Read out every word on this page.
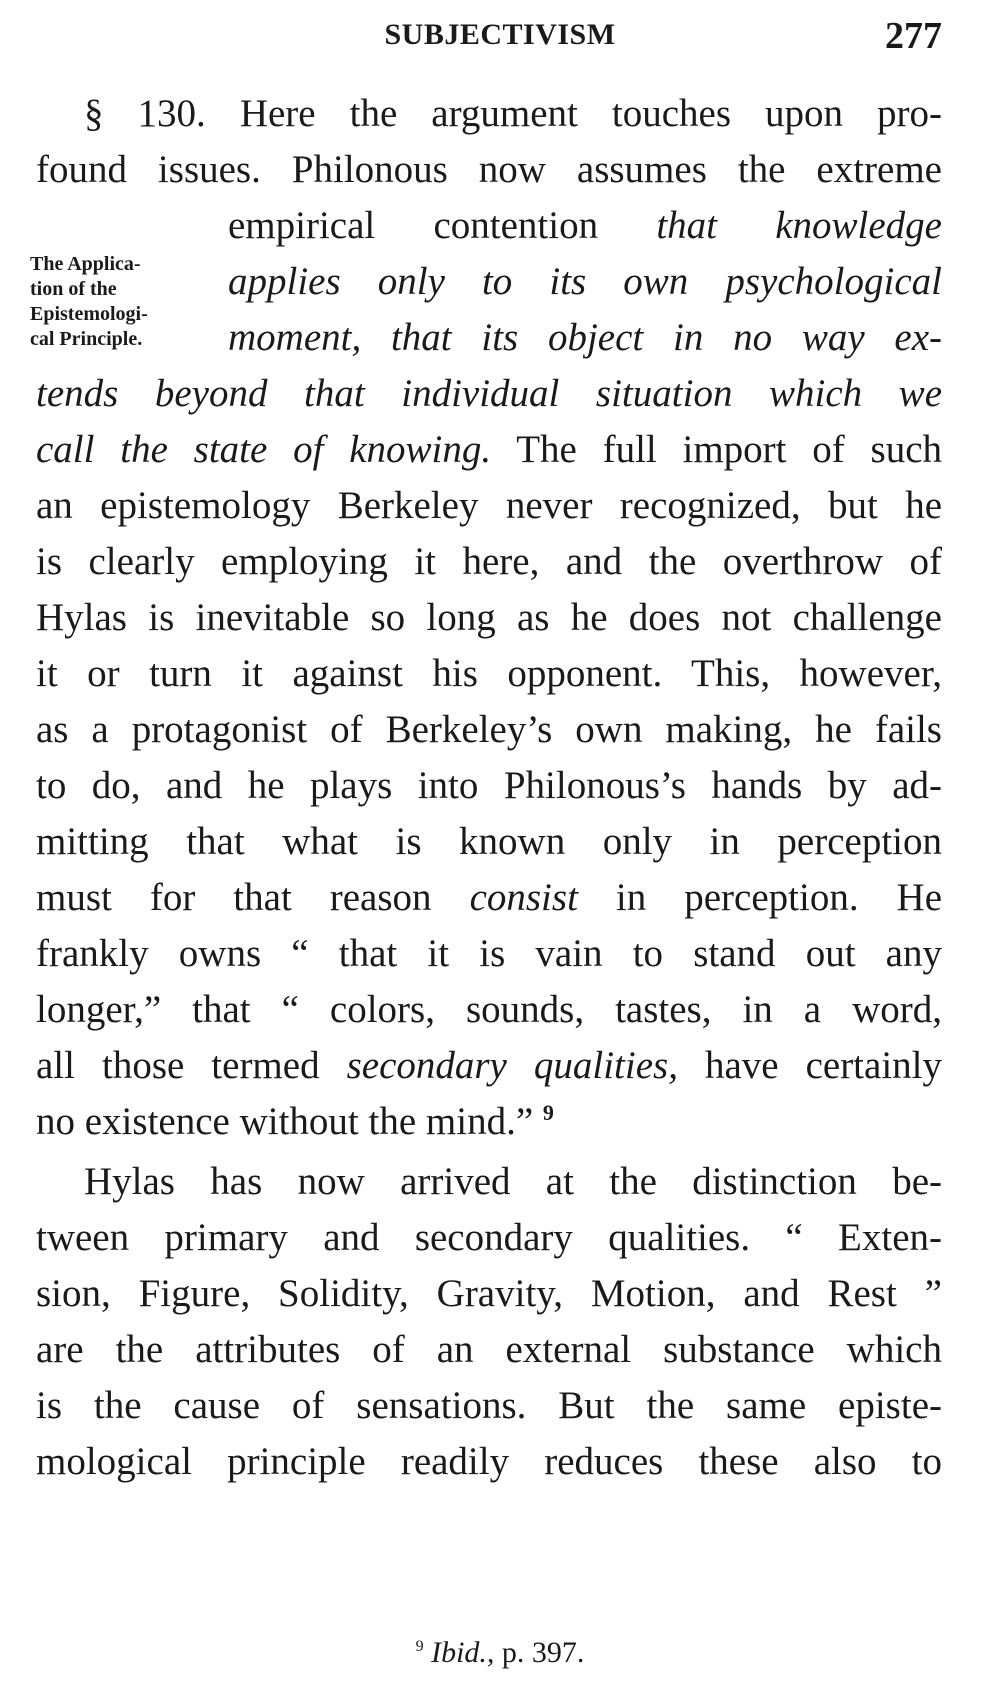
SUBJECTIVISM	277
The Applica-
tion of the
Epistemologi-
cal Principle.
§ 130. Here the argument touches upon pro-
found issues. Philonous now assumes the extreme
empirical contention that knowledge
applies only to its own psychological
moment, that its object in no way ex-
tends beyond that individual situation which we
call the state of knowing. The full import of such
an epistemology Berkeley never recognized, but he
is clearly employing it here, and the overthrow of
Hylas is inevitable so long as he does not challenge
it or turn it against his opponent. This, however,
as a protagonist of Berkeley’s own making, he fails
to do, and he plays into Philonous’s hands by ad-
mitting that what is known only in perception
must for that reason consist in perception. He
frankly owns “ that it is vain to stand out any
longer,” that “ colors, sounds, tastes, in a word,
all those termed secondary qualities, have certainly
no existence without the mind.” $^9$
Hylas has now arrived at the distinction be-
tween primary and secondary qualities. “ Exten-
sion, Figure, Solidity, Gravity, Motion, and Rest ”
are the attributes of an external substance which
is the cause of sensations. But the same episte-
mological principle readily reduces these also to
$^9$ Ibid., p. 397.
